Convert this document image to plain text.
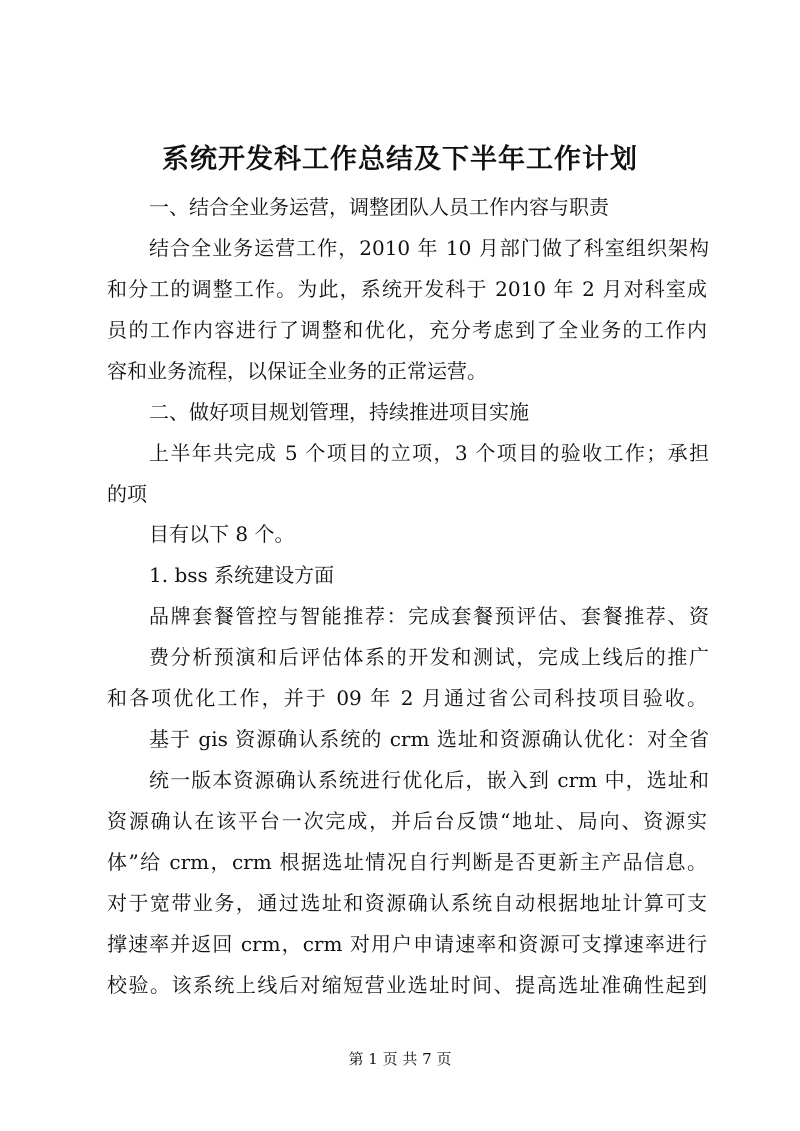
系统开发科工作总结及下半年工作计划
一、结合全业务运营，调整团队人员工作内容与职责
结合全业务运营工作，2010 年 10 月部门做了科室组织架构
和分工的调整工作。为此，系统开发科于 2010 年 2 月对科室成
员的工作内容进行了调整和优化，充分考虑到了全业务的工作内
容和业务流程，以保证全业务的正常运营。
二、做好项目规划管理，持续推进项目实施
上半年共完成 5 个项目的立项，3 个项目的验收工作；承担
的项
目有以下 8 个。
1. bss 系统建设方面
品牌套餐管控与智能推荐：完成套餐预评估、套餐推荐、资
费分析预演和后评估体系的开发和测试，完成上线后的推广
和各项优化工作，并于 09 年 2 月通过省公司科技项目验收。
基于 gis 资源确认系统的 crm 选址和资源确认优化：对全省
统一版本资源确认系统进行优化后，嵌入到 crm 中，选址和
资源确认在该平台一次完成，并后台反馈“地址、局向、资源实
体”给 crm，crm 根据选址情况自行判断是否更新主产品信息。
对于宽带业务，通过选址和资源确认系统自动根据地址计算可支
撑速率并返回 crm，crm 对用户申请速率和资源可支撑速率进行
校验。该系统上线后对缩短营业选址时间、提高选址准确性起到
第 1 页 共 7 页
